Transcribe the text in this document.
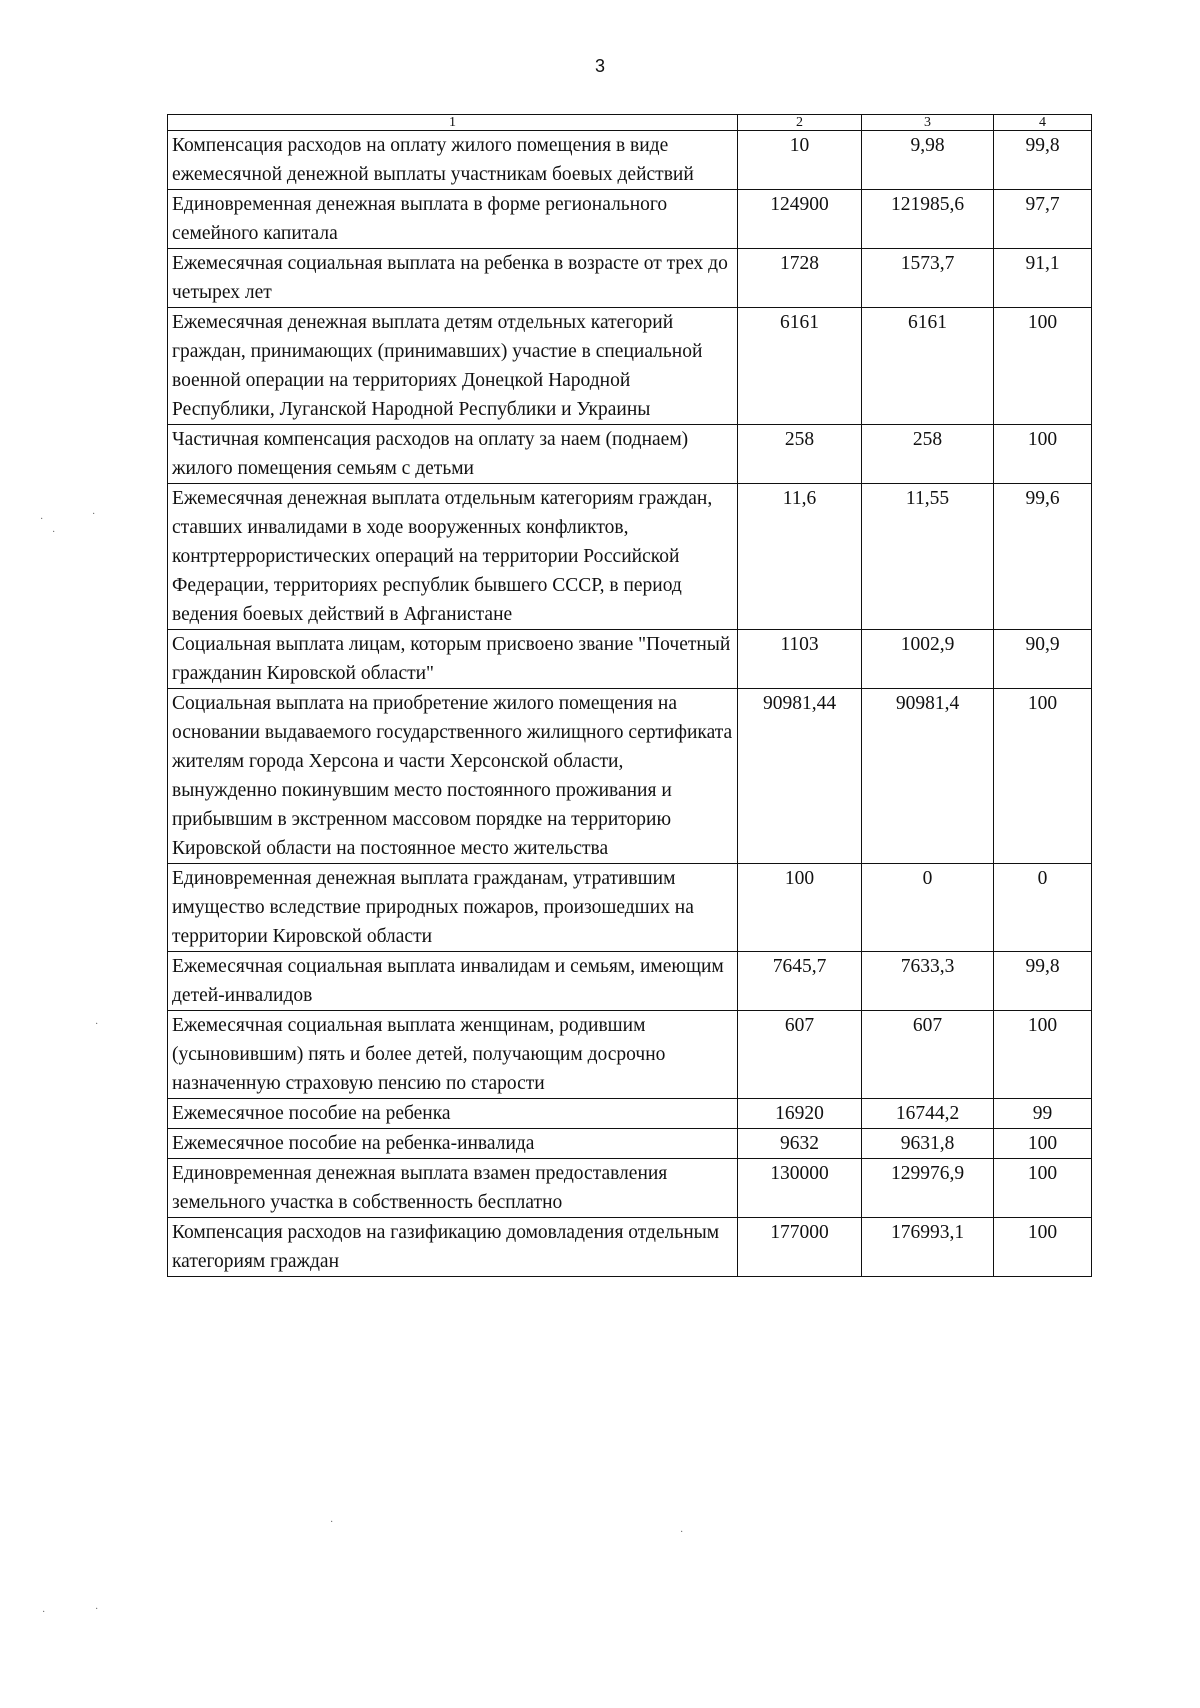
3
1	2	3	4
Компенсация расходов на оплату жилого помещения в виде ежемесячной денежной выплаты участникам боевых действий	10	9,98	99,8
Единовременная денежная выплата в форме регионального семейного капитала	124900	121985,6	97,7
Ежемесячная социальная выплата на ребенка в возрасте от трех до четырех лет	1728	1573,7	91,1
Ежемесячная денежная выплата детям отдельных категорий граждан, принимающих (принимавших) участие в специальной военной операции на территориях Донецкой Народной Республики, Луганской Народной Республики и Украины	6161	6161	100
Частичная компенсация расходов на оплату за наем (поднаем) жилого помещения семьям с детьми	258	258	100
Ежемесячная денежная выплата отдельным категориям граждан, ставших инвалидами в ходе вооруженных конфликтов, контртеррористических операций на территории Российской Федерации, территориях республик бывшего СССР, в период ведения боевых действий в Афганистане	11,6	11,55	99,6
Социальная выплата лицам, которым присвоено звание "Почетный гражданин Кировской области"	1103	1002,9	90,9
Социальная выплата на приобретение жилого помещения на основании выдаваемого государственного жилищного сертификата жителям города Херсона и части Херсонской области, вынужденно покинувшим место постоянного проживания и прибывшим в экстренном массовом порядке на территорию Кировской области на постоянное место жительства	90981,44	90981,4	100
Единовременная денежная выплата гражданам, утратившим имущество вследствие природных пожаров, произошедших на территории Кировской области	100	0	0
Ежемесячная социальная выплата инвалидам и семьям, имеющим детей-инвалидов	7645,7	7633,3	99,8
Ежемесячная социальная выплата женщинам, родившим (усыновившим) пять и более детей, получающим досрочно назначенную страховую пенсию по старости	607	607	100
Ежемесячное пособие на ребенка	16920	16744,2	99
Ежемесячное пособие на ребенка-инвалида	9632	9631,8	100
Единовременная денежная выплата взамен предоставления земельного участка в собственность бесплатно	130000	129976,9	100
Компенсация расходов на газификацию домовладения отдельным категориям граждан	177000	176993,1	100
·
·
·
·
·
·
·	·
